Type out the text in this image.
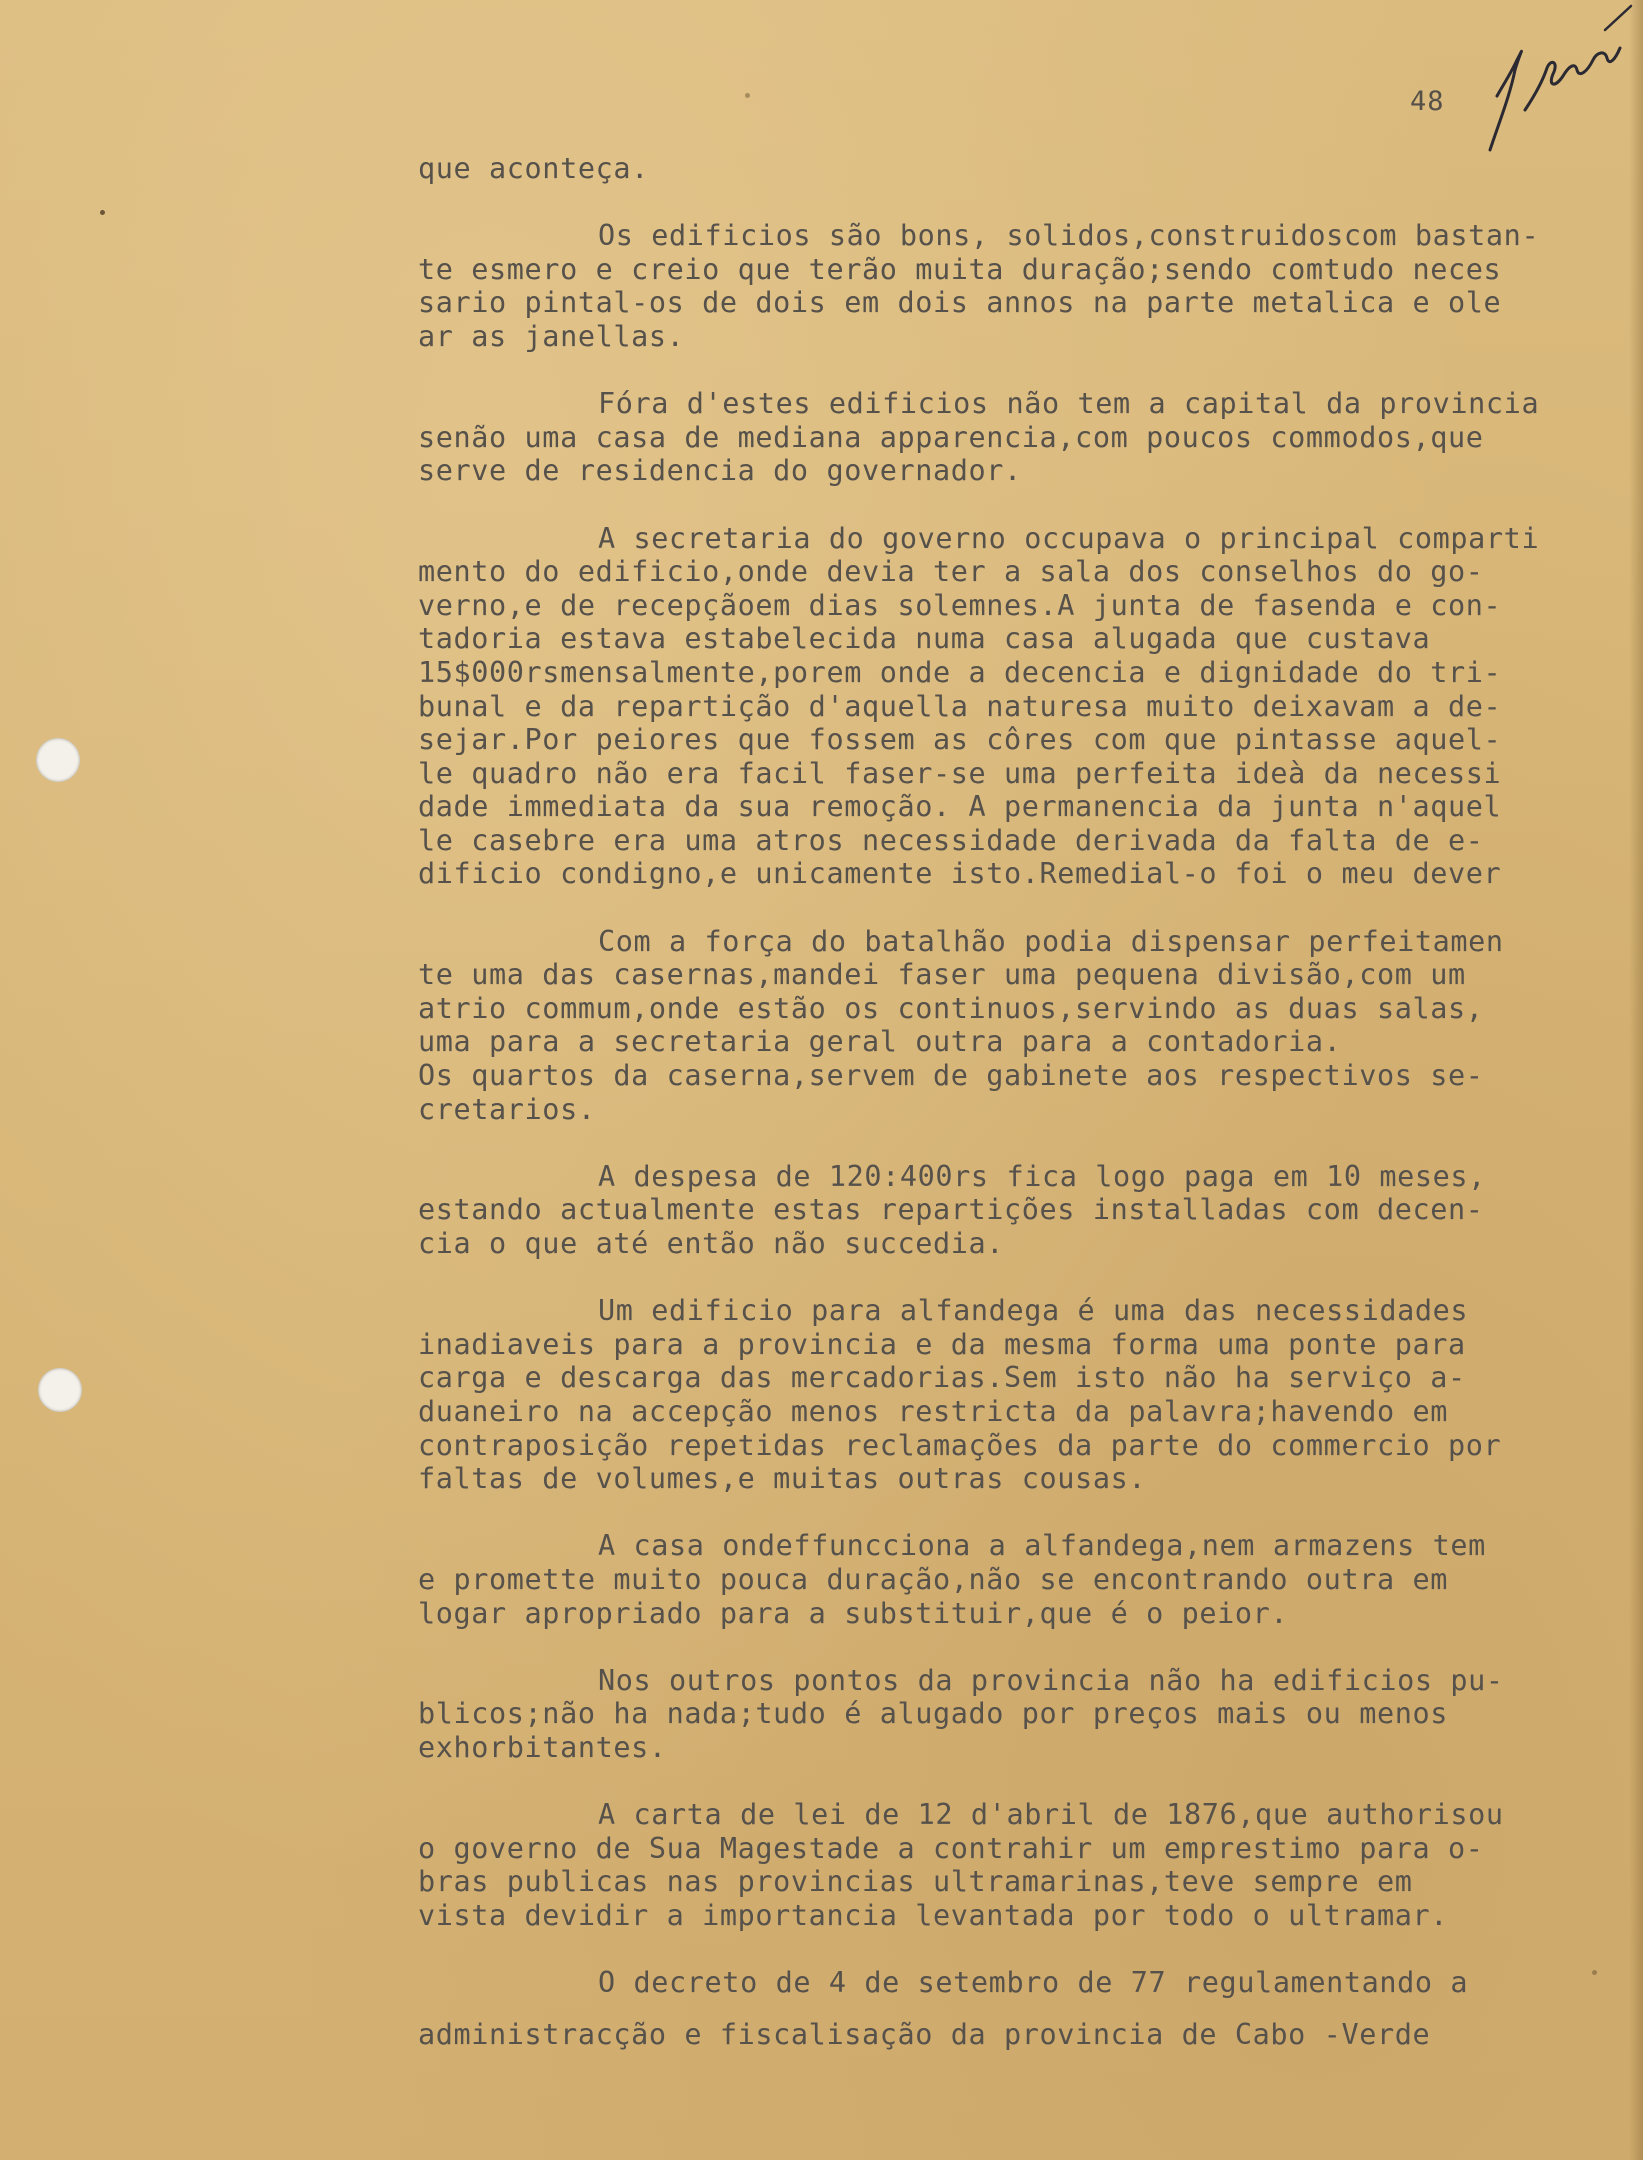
48
que aconteça.
Os edificios são bons, solidos,construidoscom bastan-
te esmero e creio que terão muita duração;sendo comtudo neces
sario pintal-os de dois em dois annos na parte metalica e ole
ar as janellas.
Fóra d'estes edificios não tem a capital da provincia
senão uma casa de mediana apparencia,com poucos commodos,que
serve de residencia do governador.
A secretaria do governo occupava o principal comparti
mento do edificio,onde devia ter a sala dos conselhos do go-
verno,e de recepçãoem dias solemnes.A junta de fasenda e con-
tadoria estava estabelecida numa casa alugada que custava
15$000rsmensalmente,porem onde a decencia e dignidade do tri-
bunal e da repartição d'aquella naturesa muito deixavam a de-
sejar.Por peiores que fossem as côres com que pintasse aquel-
le quadro não era facil faser-se uma perfeita ideà da necessi
dade immediata da sua remoção. A permanencia da junta n'aquel
le casebre era uma atros necessidade derivada da falta de e-
dificio condigno,e unicamente isto.Remedial-o foi o meu dever
Com a força do batalhão podia dispensar perfeitamen
te uma das casernas,mandei faser uma pequena divisão,com um
atrio commum,onde estão os continuos,servindo as duas salas,
uma para a secretaria geral outra para a contadoria.
Os quartos da caserna,servem de gabinete aos respectivos se-
cretarios.
A despesa de 120:400rs fica logo paga em 10 meses,
estando actualmente estas repartições installadas com decen-
cia o que até então não succedia.
Um edificio para alfandega é uma das necessidades
inadiaveis para a provincia e da mesma forma uma ponte para
carga e descarga das mercadorias.Sem isto não ha serviço a-
duaneiro na accepção menos restricta da palavra;havendo em
contraposição repetidas reclamações da parte do commercio por
faltas de volumes,e muitas outras cousas.
A casa ondeffuncciona a alfandega,nem armazens tem
e promette muito pouca duração,não se encontrando outra em
logar apropriado para a substituir,que é o peior.
Nos outros pontos da provincia não ha edificios pu-
blicos;não ha nada;tudo é alugado por preços mais ou menos
exhorbitantes.
A carta de lei de 12 d'abril de 1876,que authorisou
o governo de Sua Magestade a contrahir um emprestimo para o-
bras publicas nas provincias ultramarinas,teve sempre em
vista devidir a importancia levantada por todo o ultramar.
O decreto de 4 de setembro de 77 regulamentando a
administracção e fiscalisação da provincia de Cabo -Verde
